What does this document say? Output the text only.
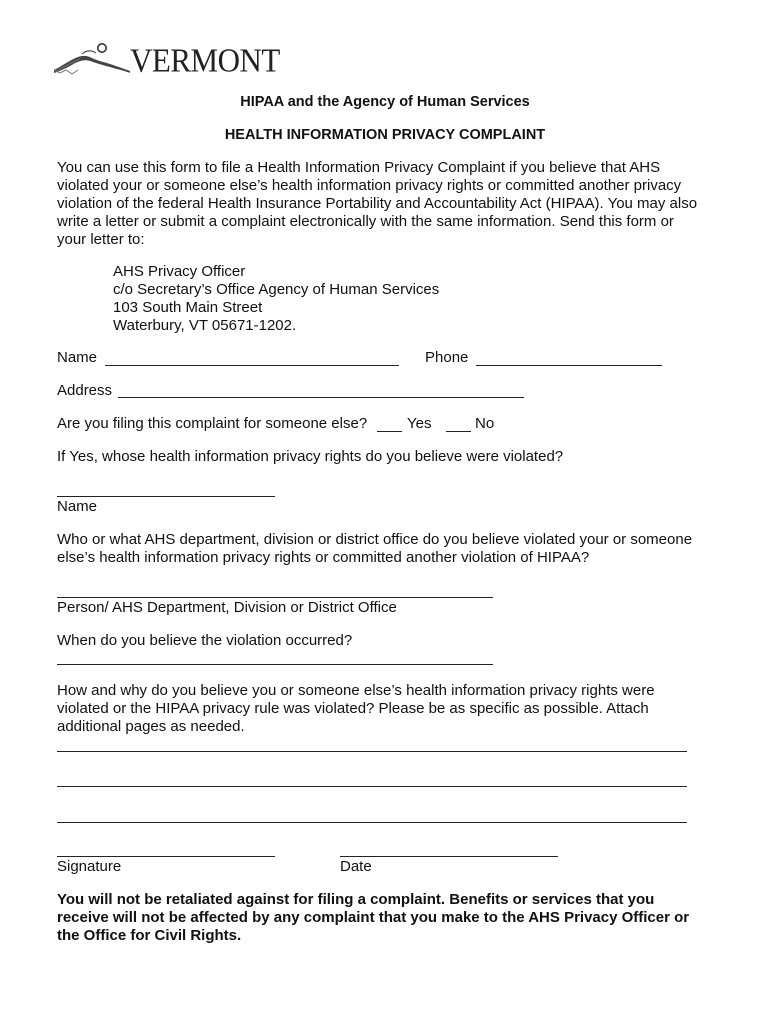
VERMONT
HIPAA and the Agency of Human Services
HEALTH INFORMATION PRIVACY COMPLAINT
You can use this form to file a Health Information Privacy Complaint if you believe that AHS
violated your or someone else’s health information privacy rights or committed another privacy
violation of the federal Health Insurance Portability and Accountability Act (HIPAA). You may also
write a letter or submit a complaint electronically with the same information. Send this form or
your letter to:
AHS Privacy Officer
c/o Secretary’s Office Agency of Human Services
103 South Main Street
Waterbury, VT 05671-1202.
Name	Phone
Address
Are you filing this complaint for someone else?	Yes	No
If Yes, whose health information privacy rights do you believe were violated?
Name
Who or what AHS department, division or district office do you believe violated your or someone
else’s health information privacy rights or committed another violation of HIPAA?
Person/ AHS Department, Division or District Office
When do you believe the violation occurred?
How and why do you believe you or someone else’s health information privacy rights were
violated or the HIPAA privacy rule was violated? Please be as specific as possible. Attach
additional pages as needed.
Signature	Date
You will not be retaliated against for filing a complaint. Benefits or services that you
receive will not be affected by any complaint that you make to the AHS Privacy Officer or
the Office for Civil Rights.
